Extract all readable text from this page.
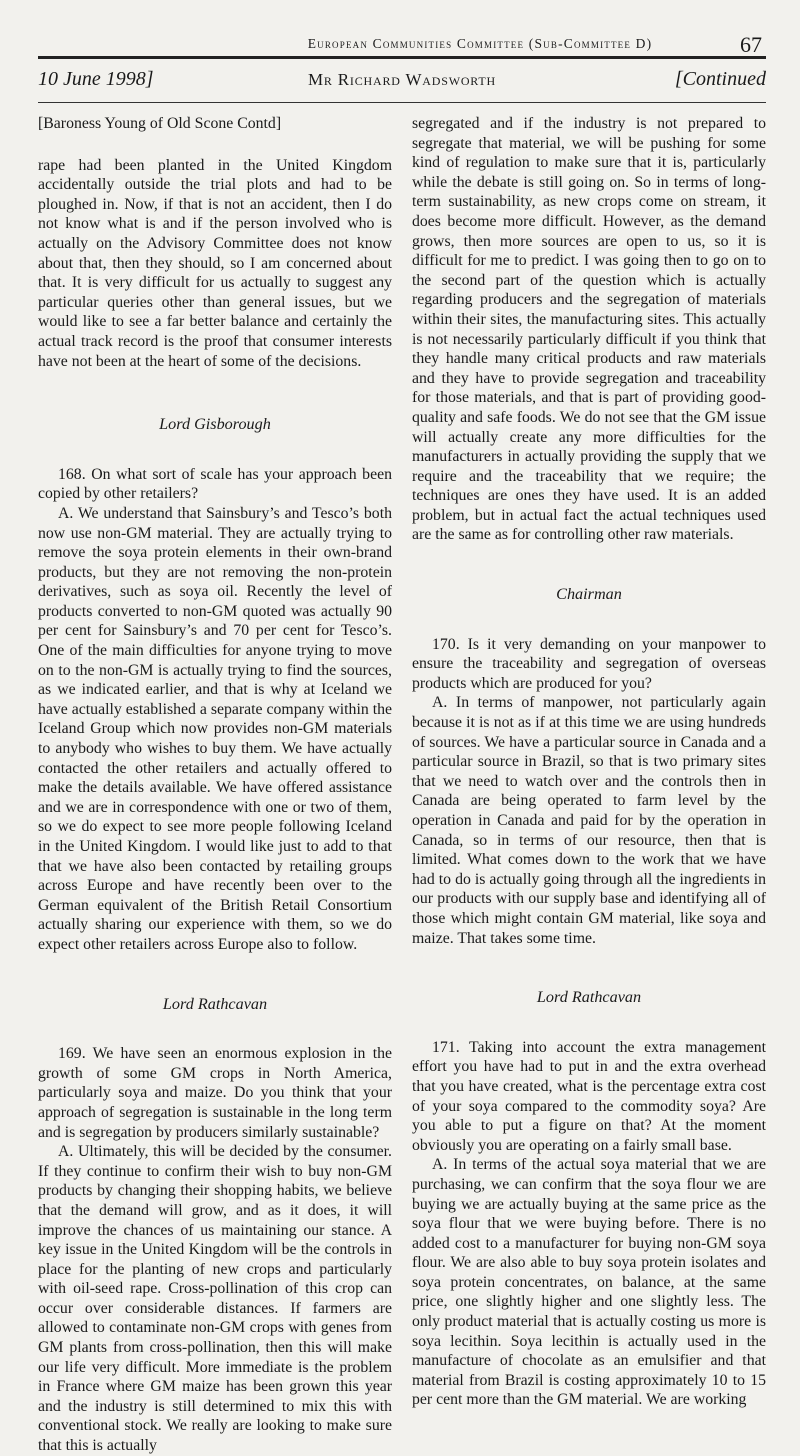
European Communities Committee (Sub-Committee D)	67
10 June 1998]	Mr Richard Wadsworth	[Continued

[Baroness Young of Old Scone Contd]

rape had been planted in the United Kingdom accidentally outside the trial plots and had to be ploughed in. Now, if that is not an accident, then I do not know what is and if the person involved who is actually on the Advisory Committee does not know about that, then they should, so I am concerned about that. It is very difficult for us actually to suggest any particular queries other than general issues, but we would like to see a far better balance and certainly the actual track record is the proof that consumer interests have not been at the heart of some of the decisions.

Lord Gisborough

168. On what sort of scale has your approach been copied by other retailers?

A. We understand that Sainsbury’s and Tesco’s both now use non-GM material. They are actually trying to remove the soya protein elements in their own-brand products, but they are not removing the non-protein derivatives, such as soya oil. Recently the level of products converted to non-GM quoted was actually 90 per cent for Sainsbury’s and 70 per cent for Tesco’s. One of the main difficulties for anyone trying to move on to the non-GM is actually trying to find the sources, as we indicated earlier, and that is why at Iceland we have actually established a separate company within the Iceland Group which now provides non-GM materials to anybody who wishes to buy them. We have actually contacted the other retailers and actually offered to make the details available. We have offered assistance and we are in correspondence with one or two of them, so we do expect to see more people following Iceland in the United Kingdom. I would like just to add to that that we have also been contacted by retailing groups across Europe and have recently been over to the German equivalent of the British Retail Consortium actually sharing our experience with them, so we do expect other retailers across Europe also to follow.

Lord Rathcavan

169. We have seen an enormous explosion in the growth of some GM crops in North America, particularly soya and maize. Do you think that your approach of segregation is sustainable in the long term and is segregation by producers similarly sustainable?

A. Ultimately, this will be decided by the consumer. If they continue to confirm their wish to buy non-GM products by changing their shopping habits, we believe that the demand will grow, and as it does, it will improve the chances of us maintaining our stance. A key issue in the United Kingdom will be the controls in place for the planting of new crops and particularly with oil-seed rape. Cross-pollination of this crop can occur over considerable distances. If farmers are allowed to contaminate non-GM crops with genes from GM plants from cross-pollination, then this will make our life very difficult. More immediate is the problem in France where GM maize has been grown this year and the industry is still determined to mix this with conventional stock. We really are looking to make sure that this is actually

segregated and if the industry is not prepared to segregate that material, we will be pushing for some kind of regulation to make sure that it is, particularly while the debate is still going on. So in terms of long-term sustainability, as new crops come on stream, it does become more difficult. However, as the demand grows, then more sources are open to us, so it is difficult for me to predict. I was going then to go on to the second part of the question which is actually regarding producers and the segregation of materials within their sites, the manufacturing sites. This actually is not necessarily particularly difficult if you think that they handle many critical products and raw materials and they have to provide segregation and traceability for those materials, and that is part of providing good-quality and safe foods. We do not see that the GM issue will actually create any more difficulties for the manufacturers in actually providing the supply that we require and the traceability that we require; the techniques are ones they have used. It is an added problem, but in actual fact the actual techniques used are the same as for controlling other raw materials.

Chairman

170. Is it very demanding on your manpower to ensure the traceability and segregation of overseas products which are produced for you?

A. In terms of manpower, not particularly again because it is not as if at this time we are using hundreds of sources. We have a particular source in Canada and a particular source in Brazil, so that is two primary sites that we need to watch over and the controls then in Canada are being operated to farm level by the operation in Canada and paid for by the operation in Canada, so in terms of our resource, then that is limited. What comes down to the work that we have had to do is actually going through all the ingredients in our products with our supply base and identifying all of those which might contain GM material, like soya and maize. That takes some time.

Lord Rathcavan

171. Taking into account the extra management effort you have had to put in and the extra overhead that you have created, what is the percentage extra cost of your soya compared to the commodity soya? Are you able to put a figure on that? At the moment obviously you are operating on a fairly small base.

A. In terms of the actual soya material that we are purchasing, we can confirm that the soya flour we are buying we are actually buying at the same price as the soya flour that we were buying before. There is no added cost to a manufacturer for buying non-GM soya flour. We are also able to buy soya protein isolates and soya protein concentrates, on balance, at the same price, one slightly higher and one slightly less. The only product material that is actually costing us more is soya lecithin. Soya lecithin is actually used in the manufacture of chocolate as an emulsifier and that material from Brazil is costing approximately 10 to 15 per cent more than the GM material. We are working
